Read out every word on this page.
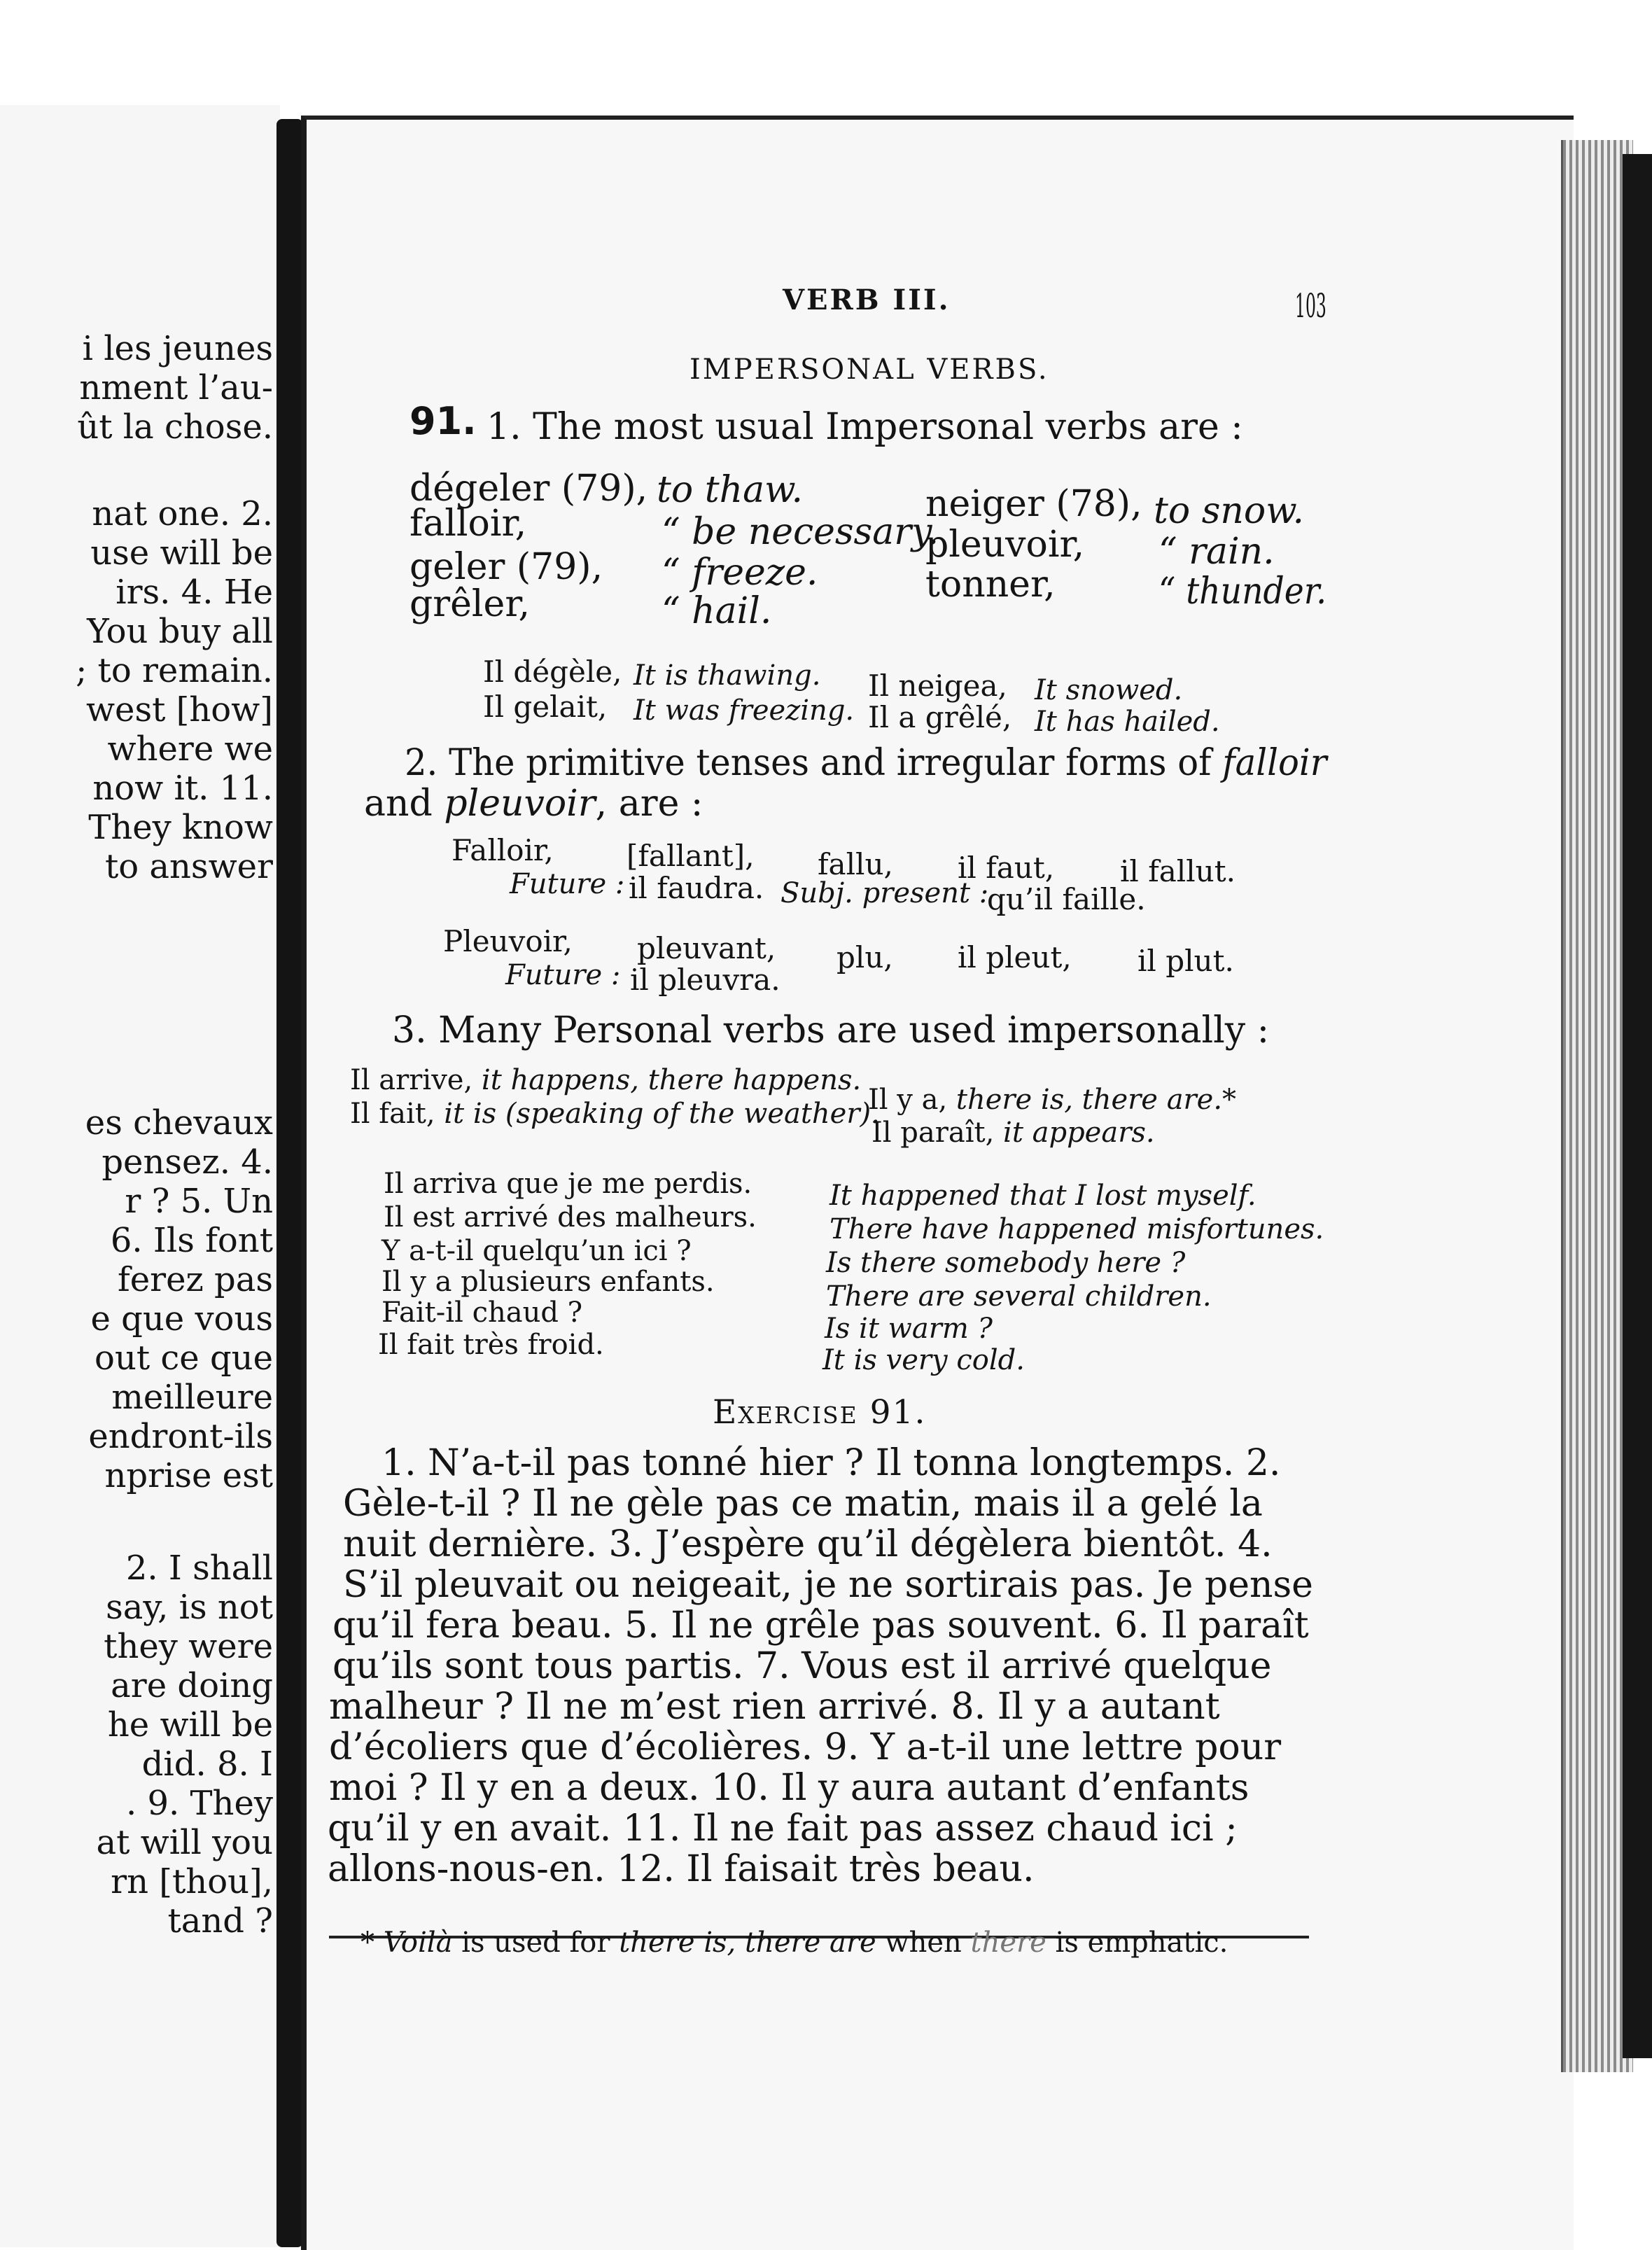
i les jeunes
nment l’au-
ût la chose.
nat one. 2.
use will be
irs. 4. He
You buy all
; to remain.
west [how]
where we
now it. 11.
They know
to answer
es chevaux
pensez. 4.
r ? 5. Un
6. Ils font
ferez pas
e que vous
out ce que
meilleure
endront-ils
nprise est
2. I shall
say, is not
they were
are doing
he will be
did. 8. I
. 9. They
at will you
rn [thou],
tand ?
VERB III.	103
IMPERSONAL VERBS.
91. 1. The most usual Impersonal verbs are :
dégeler (79),
falloir,
geler (79),
grêler,
to thaw.
“ be necessary.
“ freeze.
“ hail.
neiger (78),
pleuvoir,
tonner,
to snow.
“ rain.
“ thunder.
Il dégèle, It is thawing. Il neigea, It snowed.
Il gelait, It was freezing. Il a grêlé, It has hailed.
2. The primitive tenses and irregular forms of falloir
and pleuvoir, are :
Falloir, [fallant], fallu, il faut, il fallut.
Future : il faudra. Subj. present :
qu’il faille.
Pleuvoir, pleuvant, plu, il pleut, il plut.
Future : il pleuvra.
3. Many Personal verbs are used impersonally :
Il arrive, it happens, there happens.
Il y a, there is, there are.*
Il fait, it is (speaking of the weather).
Il paraît, it appears.
Il arriva que je me perdis.
Il est arrivé des malheurs.
Y a-t-il quelqu’un ici ?
Il y a plusieurs enfants.
Fait-il chaud ?
Il fait très froid.
It happened that I lost myself.
There have happened misfortunes.
Is there somebody here ?
There are several children.
Is it warm ?
It is very cold.
Exercise 91.
1. N’a-t-il pas tonné hier ? Il tonna longtemps. 2.
Gèle-t-il ? Il ne gèle pas ce matin, mais il a gelé la
nuit dernière. 3. J’espère qu’il dégèlera bientôt. 4.
S’il pleuvait ou neigeait, je ne sortirais pas. Je pense
qu’il fera beau. 5. Il ne grêle pas souvent. 6. Il paraît
qu’ils sont tous partis. 7. Vous est il arrivé quelque
malheur ? Il ne m’est rien arrivé. 8. Il y a autant
d’écoliers que d’écolières. 9. Y a-t-il une lettre pour
moi ? Il y en a deux. 10. Il y aura autant d’enfants
qu’il y en avait. 11. Il ne fait pas assez chaud ici ;
allons-nous-en. 12. Il faisait très beau.
* Voilà is used for there is, there are when there is emphatic.
